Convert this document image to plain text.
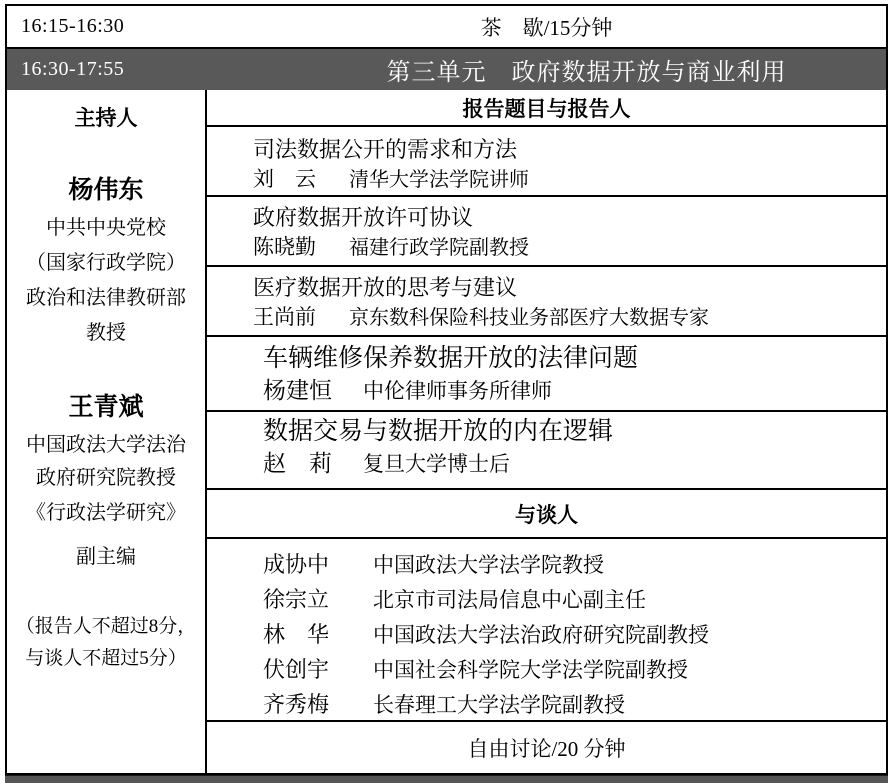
16:15-16:30	茶　歇/15分钟
16:30-17:55	第三单元　政府数据开放与商业利用
主持人
杨伟东
中共中央党校
（国家行政学院）
政治和法律教研部
教授
王青斌
中国政法大学法治
政府研究院教授
《行政法学研究》
副主编
（报告人不超过8分，
与谈人不超过5分）
报告题目与报告人
司法数据公开的需求和方法
刘　云	清华大学法学院讲师
政府数据开放许可协议
陈晓勤	福建行政学院副教授
医疗数据开放的思考与建议
王尚前	京东数科保险科技业务部医疗大数据专家
车辆维修保养数据开放的法律问题
杨建恒	中伦律师事务所律师
数据交易与数据开放的内在逻辑
赵　莉	复旦大学博士后
与谈人
成协中	中国政法大学法学院教授
徐宗立	北京市司法局信息中心副主任
林　华	中国政法大学法治政府研究院副教授
伏创宇	中国社会科学院大学法学院副教授
齐秀梅	长春理工大学法学院副教授
自由讨论/20 分钟
